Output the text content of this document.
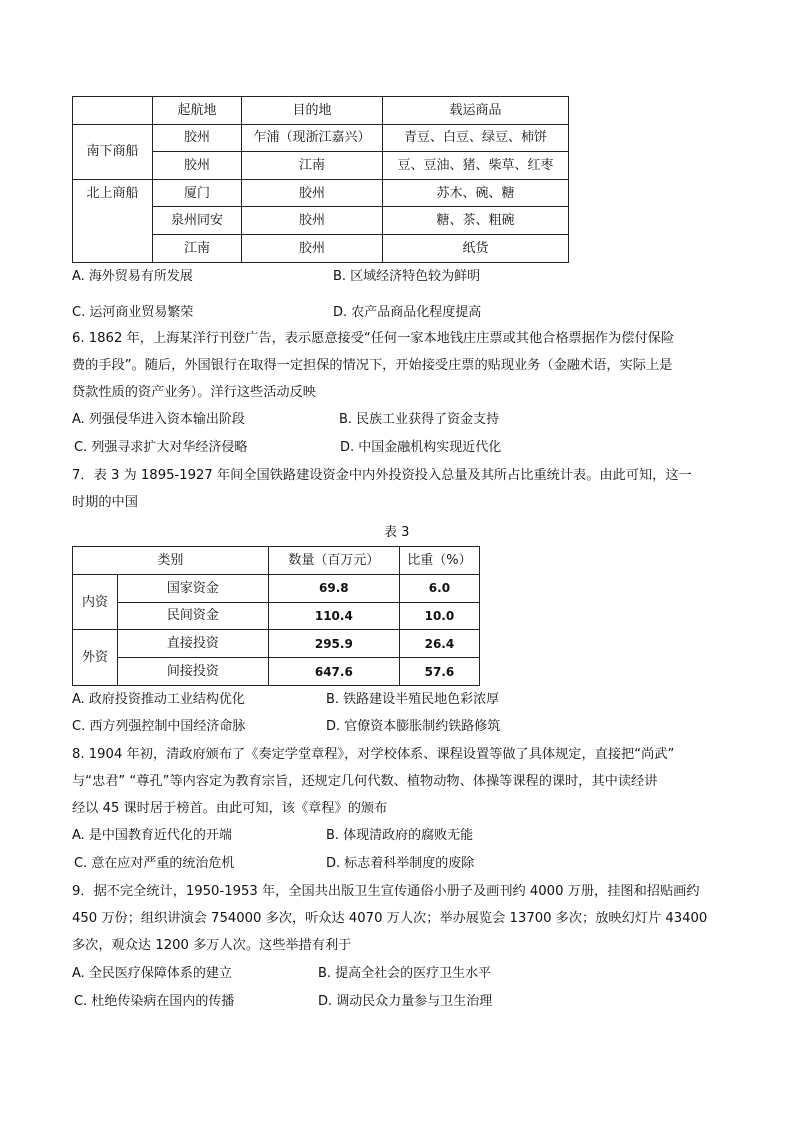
	起航地	目的地	载运商品
南下商船	胶州	乍浦（现浙江嘉兴）	青豆、白豆、绿豆、柿饼
	胶州	江南	豆、豆油、猪、柴草、红枣
北上商船	厦门	胶州	苏木、碗、糖
	泉州同安	胶州	糖、茶、粗碗
	江南	胶州	纸货
A. 海外贸易有所发展	B. 区域经济特色较为鲜明
C. 运河商业贸易繁荣	D. 农产品商品化程度提高
6. 1862 年，上海某洋行刊登广告，表示愿意接受“任何一家本地钱庄庄票或其他合格票据作为偿付保险
费的手段”。随后，外国银行在取得一定担保的情况下，开始接受庄票的贴现业务（金融术语，实际上是
贷款性质的资产业务）。洋行这些活动反映
A. 列强侵华进入资本输出阶段	B. 民族工业获得了资金支持
C. 列强寻求扩大对华经济侵略	D. 中国金融机构实现近代化
7．表 3 为 1895-1927 年间全国铁路建设资金中内外投资投入总量及其所占比重统计表。由此可知，这一
时期的中国
表 3
类别		数量（百万元）	比重（%）
内资	国家资金	69.8	6.0
	民间资金	110.4	10.0
外资	直接投资	295.9	26.4
	间接投资	647.6	57.6
A. 政府投资推动工业结构优化	B. 铁路建设半殖民地色彩浓厚
C. 西方列强控制中国经济命脉	D. 官僚资本膨胀制约铁路修筑
8. 1904 年初，清政府颁布了《奏定学堂章程》，对学校体系、课程设置等做了具体规定，直接把“尚武”
与“忠君” “尊孔”等内容定为教育宗旨，还规定几何代数、植物动物、体操等课程的课时，其中读经讲
经以 45 课时居于榜首。由此可知，该《章程》的颁布
A. 是中国教育近代化的开端	B. 体现清政府的腐败无能
C. 意在应对严重的统治危机	D. 标志着科举制度的废除
9．据不完全统计，1950-1953 年，全国共出版卫生宣传通俗小册子及画刊约 4000 万册，挂图和招贴画约
450 万份；组织讲演会 754000 多次，听众达 4070 万人次；举办展览会 13700 多次；放映幻灯片 43400
多次，观众达 1200 多万人次。这些举措有利于
A. 全民医疗保障体系的建立	B. 提高全社会的医疗卫生水平
C. 杜绝传染病在国内的传播	D. 调动民众力量参与卫生治理
